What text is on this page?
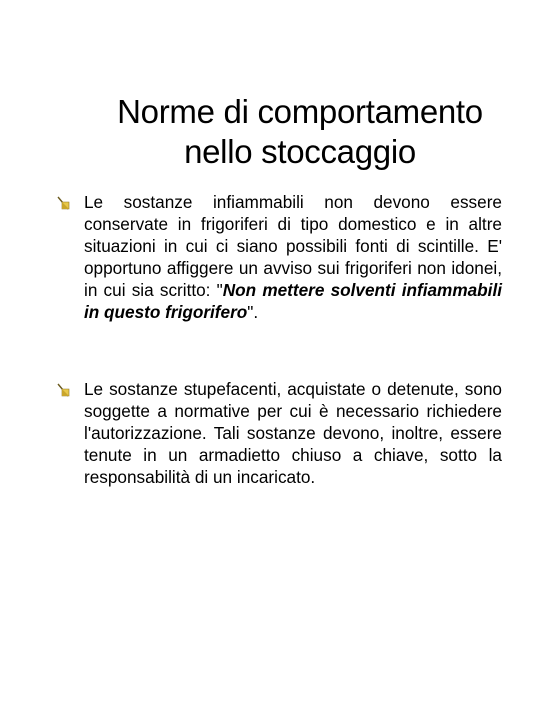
Norme di comportamento
nello stoccaggio
Le sostanze infiammabili non devono essere conservate in frigoriferi di tipo domestico e in altre situazioni in cui ci siano possibili fonti di scintille. E' opportuno affiggere un avviso sui frigoriferi non idonei, in cui sia scritto: "Non mettere solventi infiammabili in questo frigorifero".
Le sostanze stupefacenti, acquistate o detenute, sono soggette a normative per cui è necessario richiedere l'autorizzazione. Tali sostanze devono, inoltre, essere tenute in un armadietto chiuso a chiave, sotto la responsabilità di un incaricato.
